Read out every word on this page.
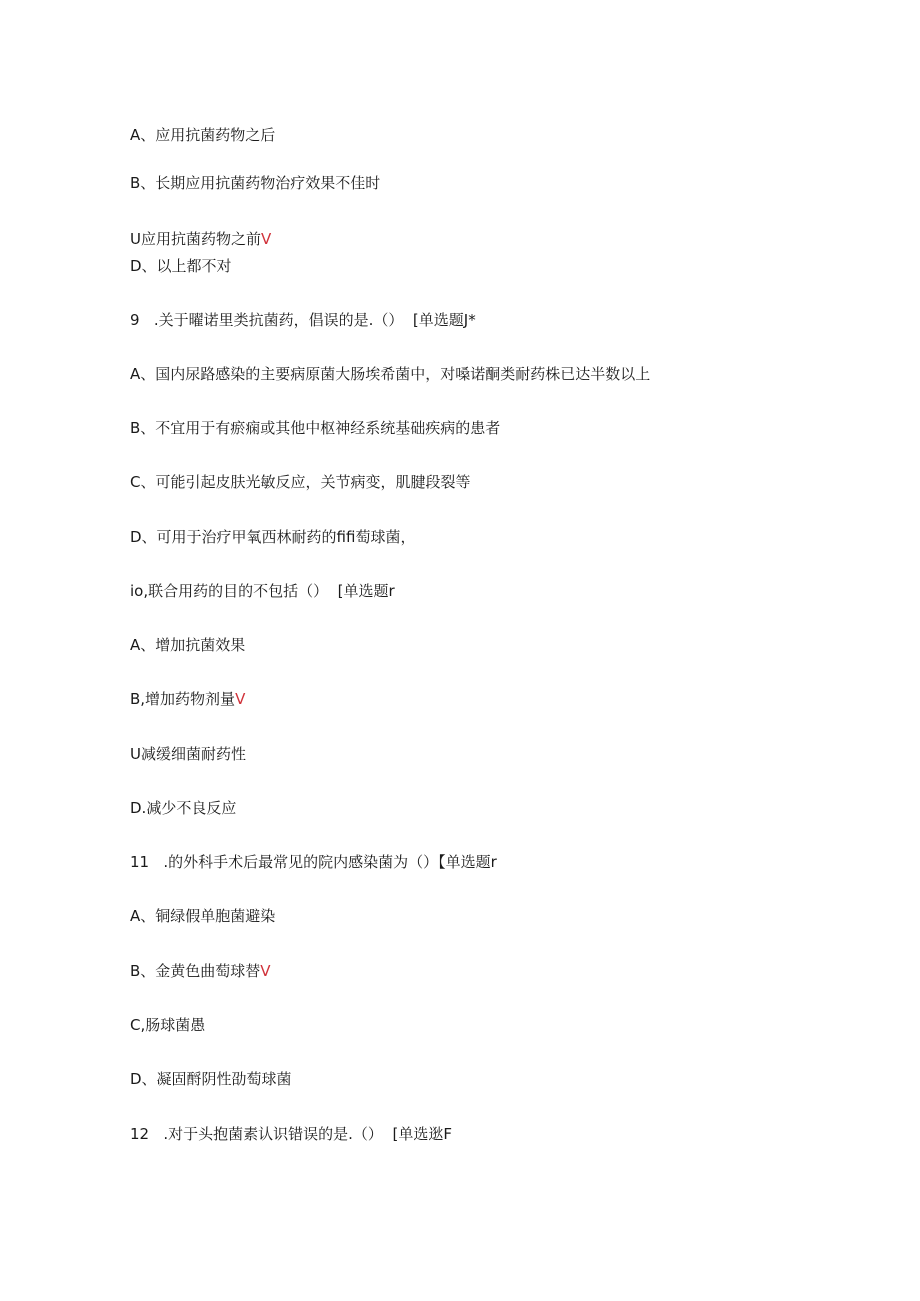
A、应用抗菌药物之后
B、长期应用抗菌药物治疗效果不佳时
U应用抗菌药物之前V
D、以上都不对
9   .关于曜诺里类抗菌药，倡误的是.（）  [单选题J*
A、国内尿路感染的主要病原菌大肠埃希菌中，对嗓诺酮类耐药株已达半数以上
B、不宜用于有瘀痫或其他中枢神经系统基础疾病的患者
C、可能引起皮肤光敏反应，关节病变，肌腱段裂等
D、可用于治疗甲氧西林耐药的fifi萄球菌，
io,联合用药的目的不包括（）  [单选题r
A、增加抗菌效果
B,增加药物剂量V
U减缓细菌耐药性
D.减少不良反应
11   .的外科手术后最常见的院内感染菌为（）【单选题r
A、铜绿假单胞菌避染
B、金黄色曲萄球替V
C,肠球菌愚
D、凝固酹阴性劭萄球菌
12   .对于头抱菌素认识错误的是.（）  [单选逖F
